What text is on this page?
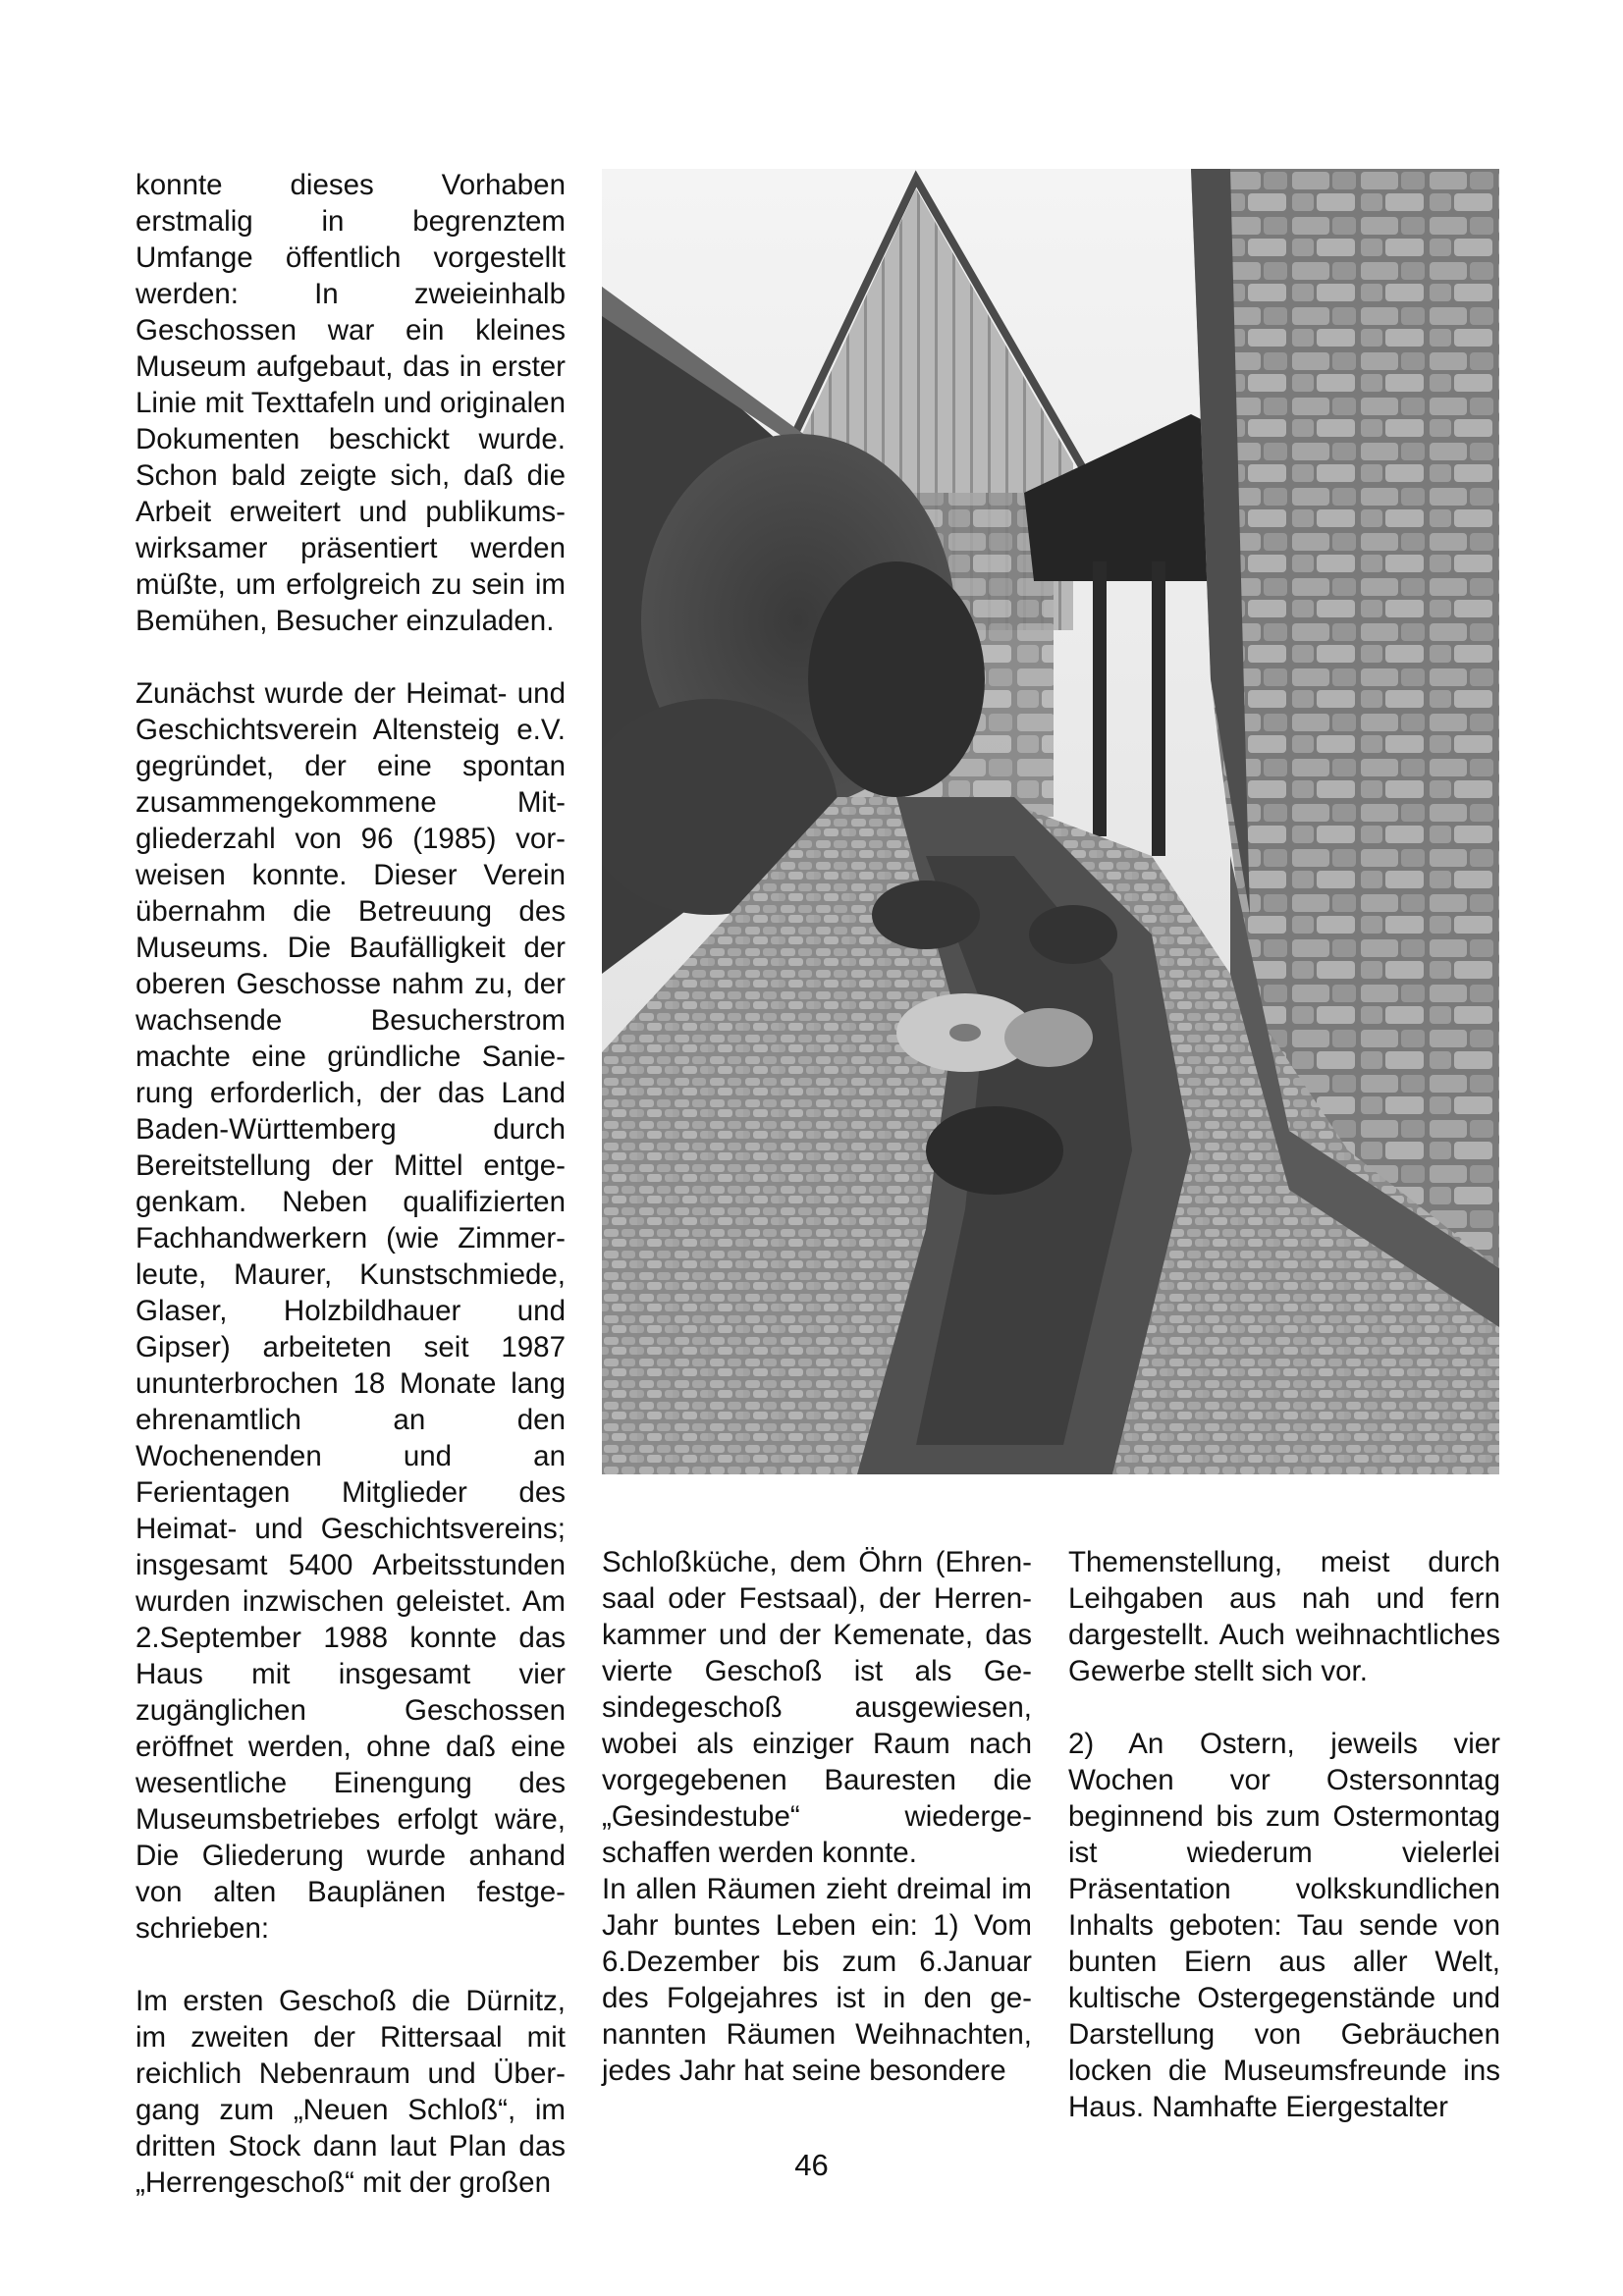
konnte dieses Vorhaben erstmalig in begrenztem Umfange öffentlich vorgestellt werden: In zweieinhalb Geschossen war ein kleines Museum aufgebaut, das in erster Linie mit Texttafeln und originalen Dokumenten beschickt wurde. Schon bald zeigte sich, daß die Arbeit erweitert und publikumswirksamer präsentiert werden müßte, um erfolgreich zu sein im Bemühen, Besucher einzuladen.

Zunächst wurde der Heimat- und Geschichtsverein Altensteig e.V. gegründet, der eine spontan zusammengekommene Mitgliederzahl von 96 (1985) vorweisen konnte. Dieser Verein übernahm die Betreuung des Museums. Die Baufälligkeit der oberen Geschosse nahm zu, der wachsende Besucherstrom machte eine gründliche Sanierung erforderlich, der das Land Baden-Württemberg durch Bereitstellung der Mittel entgegenkam. Neben qualifizierten Fachhandwerkern (wie Zimmerleute, Maurer, Kunstschmiede, Glaser, Holzbildhauer und Gipser) arbeiteten seit 1987 ununterbrochen 18 Monate lang ehrenamtlich an den Wochenenden und an Ferientagen Mitglieder des Heimat- und Geschichtsvereins; insgesamt 5400 Arbeitsstunden wurden inzwischen geleistet. Am 2.September 1988 konnte das Haus mit insgesamt vier zugänglichen Geschossen eröffnet werden, ohne daß eine wesentliche Einengung des Museumsbetriebes erfolgt wäre, Die Gliederung wurde anhand von alten Bauplänen festgeschrieben:

Im ersten Geschoß die Dürnitz, im zweiten der Rittersaal mit reichlich Nebenraum und Übergang zum „Neuen Schloß“, im dritten Stock dann laut Plan das „Herrengeschoß“ mit der großen

Schloßküche, dem Öhrn (Ehrensaal oder Festsaal), der Herrenkammer und der Kemenate, das vierte Geschoß ist als Gesindegeschoß ausgewiesen, wobei als einziger Raum nach vorgegebenen Bauresten die „Gesindestube“ wiedergeschaffen werden konnte.

In allen Räumen zieht dreimal im Jahr buntes Leben ein: 1) Vom 6.Dezember bis zum 6.Januar des Folgejahres ist in den genannten Räumen Weihnachten, jedes Jahr hat seine besondere

Themenstellung, meist durch Leihgaben aus nah und fern dargestellt. Auch weihnachtliches Gewerbe stellt sich vor.

2) An Ostern, jeweils vier Wochen vor Ostersonntag beginnend bis zum Ostermontag ist wiederum vielerlei Präsentation volkskundlichen Inhalts geboten: Tau sende von bunten Eiern aus aller Welt, kultische Ostergegenstände und Darstellung von Gebräuchen locken die Museumsfreunde ins Haus. Namhafte Eiergestalter

46
